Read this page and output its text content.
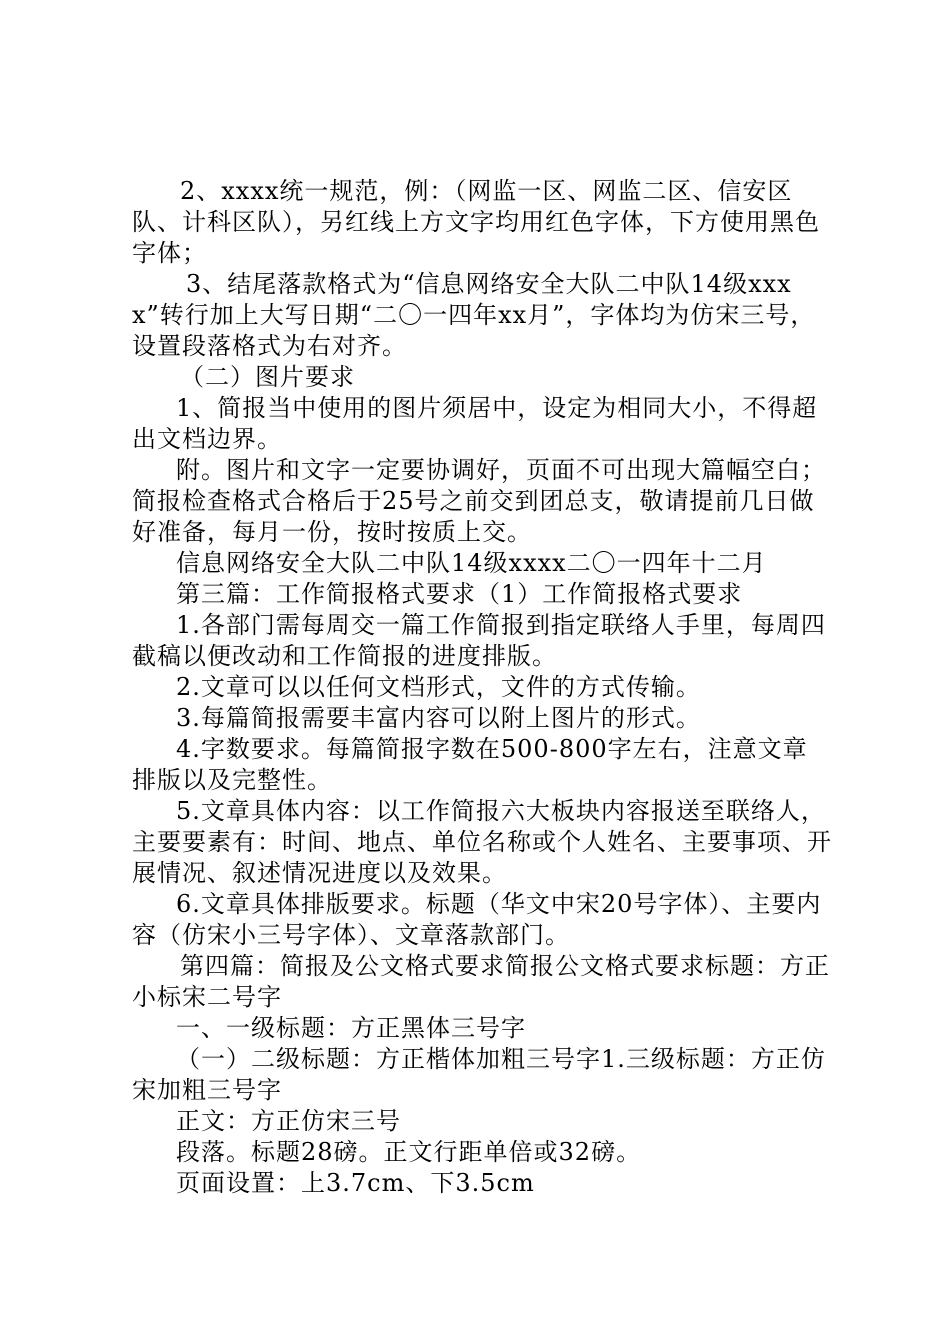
2、xxxx统一规范，例：（网监一区、网监二区、信安区队、计科区队），另红线上方文字均用红色字体，下方使用黑色字体；

3、结尾落款格式为“信息网络安全大队二中队14级xxxx”转行加上大写日期“二〇一四年xx月”，字体均为仿宋三号，设置段落格式为右对齐。

（二）图片要求

1、简报当中使用的图片须居中，设定为相同大小，不得超出文档边界。

附。图片和文字一定要协调好，页面不可出现大篇幅空白；简报检查格式合格后于25号之前交到团总支，敬请提前几日做好准备，每月一份，按时按质上交。

信息网络安全大队二中队14级xxxx二〇一四年十二月

第三篇：工作简报格式要求（1）工作简报格式要求

1.各部门需每周交一篇工作简报到指定联络人手里，每周四截稿以便改动和工作简报的进度排版。

2.文章可以以任何文档形式，文件的方式传输。

3.每篇简报需要丰富内容可以附上图片的形式。

4.字数要求。每篇简报字数在500-800字左右，注意文章排版以及完整性。

5.文章具体内容：以工作简报六大板块内容报送至联络人，主要要素有：时间、地点、单位名称或个人姓名、主要事项、开展情况、叙述情况进度以及效果。

6.文章具体排版要求。标题（华文中宋20号字体）、主要内容（仿宋小三号字体）、文章落款部门。

第四篇：简报及公文格式要求简报公文格式要求标题：方正小标宋二号字

一、一级标题：方正黑体三号字

（一）二级标题：方正楷体加粗三号字1.三级标题：方正仿宋加粗三号字

正文：方正仿宋三号

段落。标题28磅。正文行距单倍或32磅。

页面设置：上3.7cm、下3.5cm
